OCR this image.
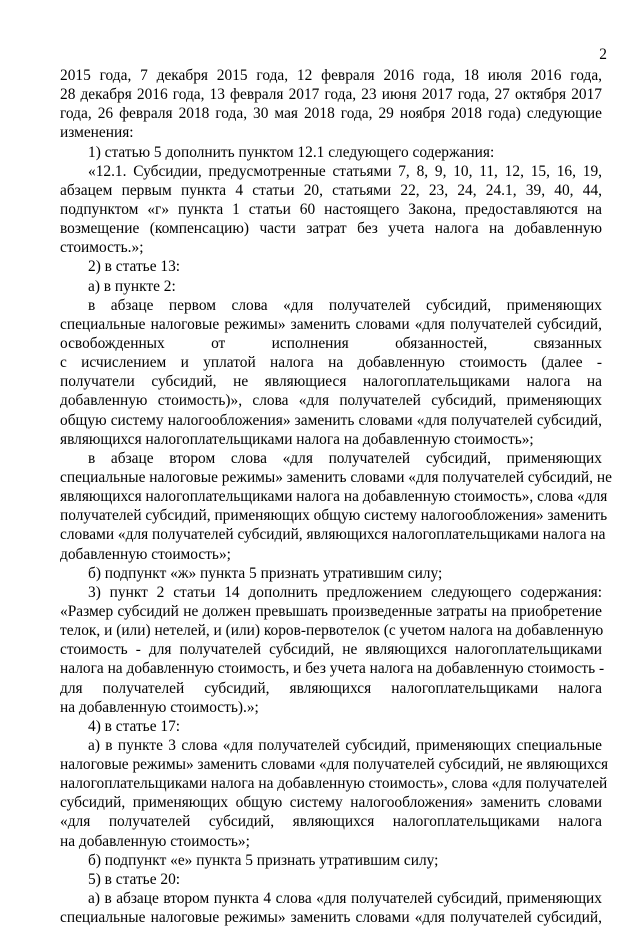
2
2015 года, 7 декабря 2015 года, 12 февраля 2016 года, 18 июля 2016 года,
28 декабря 2016 года, 13 февраля 2017 года, 23 июня 2017 года, 27 октября 2017
года, 26 февраля 2018 года, 30 мая 2018 года, 29 ноября 2018 года) следующие
изменения:
1) статью 5 дополнить пунктом 12.1 следующего содержания:
«12.1. Субсидии, предусмотренные статьями 7, 8, 9, 10, 11, 12, 15, 16, 19,
абзацем первым пункта 4 статьи 20, статьями 22, 23, 24, 24.1, 39, 40, 44,
подпунктом «г» пункта 1 статьи 60 настоящего Закона, предоставляются на
возмещение (компенсацию) части затрат без учета налога на добавленную
стоимость.»;
2) в статье 13:
а) в пункте 2:
в абзаце первом слова «для получателей субсидий, применяющих
специальные налоговые режимы» заменить словами «для получателей субсидий,
освобожденных от исполнения обязанностей, связанных
с исчислением и уплатой налога на добавленную стоимость (далее -
получатели субсидий, не являющиеся налогоплательщиками налога на
добавленную стоимость)», слова «для получателей субсидий, применяющих
общую систему налогообложения» заменить словами «для получателей субсидий,
являющихся налогоплательщиками налога на добавленную стоимость»;
в абзаце втором слова «для получателей субсидий, применяющих
специальные налоговые режимы» заменить словами «для получателей субсидий, не
являющихся налогоплательщиками налога на добавленную стоимость», слова «для
получателей субсидий, применяющих общую систему налогообложения» заменить
словами «для получателей субсидий, являющихся налогоплательщиками налога на
добавленную стоимость»;
б) подпункт «ж» пункта 5 признать утратившим силу;
3) пункт 2 статьи 14 дополнить предложением следующего содержания:
«Размер субсидий не должен превышать произведенные затраты на приобретение
телок, и (или) нетелей, и (или) коров-первотелок (с учетом налога на добавленную
стоимость - для получателей субсидий, не являющихся налогоплательщиками
налога на добавленную стоимость, и без учета налога на добавленную стоимость -
для получателей субсидий, являющихся налогоплательщиками налога
на добавленную стоимость).»;
4) в статье 17:
а) в пункте 3 слова «для получателей субсидий, применяющих специальные
налоговые режимы» заменить словами «для получателей субсидий, не являющихся
налогоплательщиками налога на добавленную стоимость», слова «для получателей
субсидий, применяющих общую систему налогообложения» заменить словами
«для получателей субсидий, являющихся налогоплательщиками налога
на добавленную стоимость»;
б) подпункт «е» пункта 5 признать утратившим силу;
5) в статье 20:
а) в абзаце втором пункта 4 слова «для получателей субсидий, применяющих
специальные налоговые режимы» заменить словами «для получателей субсидий,
